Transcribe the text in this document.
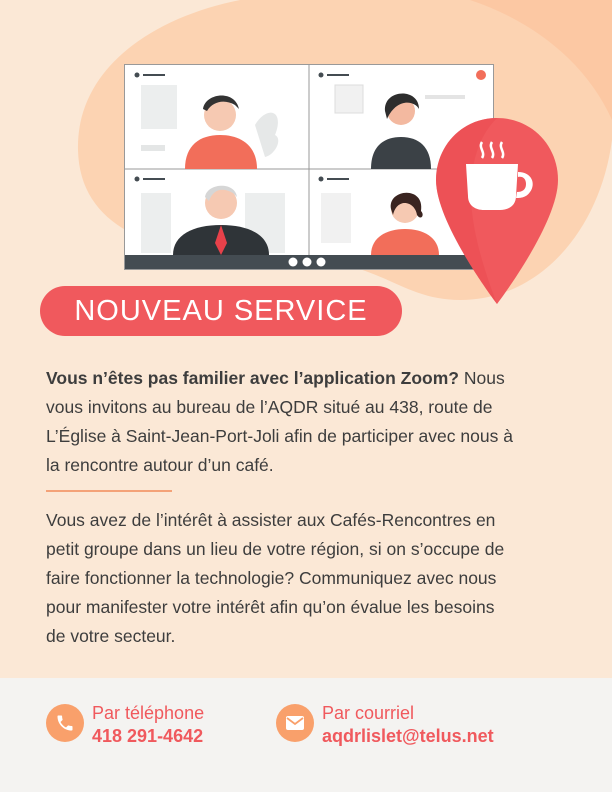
NOUVEAU SERVICE
Vous n’êtes pas familier avec l’application Zoom? Nous vous invitons au bureau de l’AQDR situé au 438, route de L’Église à Saint-Jean-Port-Joli afin de participer avec nous à la rencontre autour d’un café.
Vous avez de l’intérêt à assister aux Cafés-Rencontres en petit groupe dans un lieu de votre région, si on s’occupe de faire fonctionner la technologie? Communiquez avec nous pour manifester votre intérêt afin qu’on évalue les besoins de votre secteur.
Par téléphone
418 291-4642
Par courriel
aqdrlislet@telus.net
